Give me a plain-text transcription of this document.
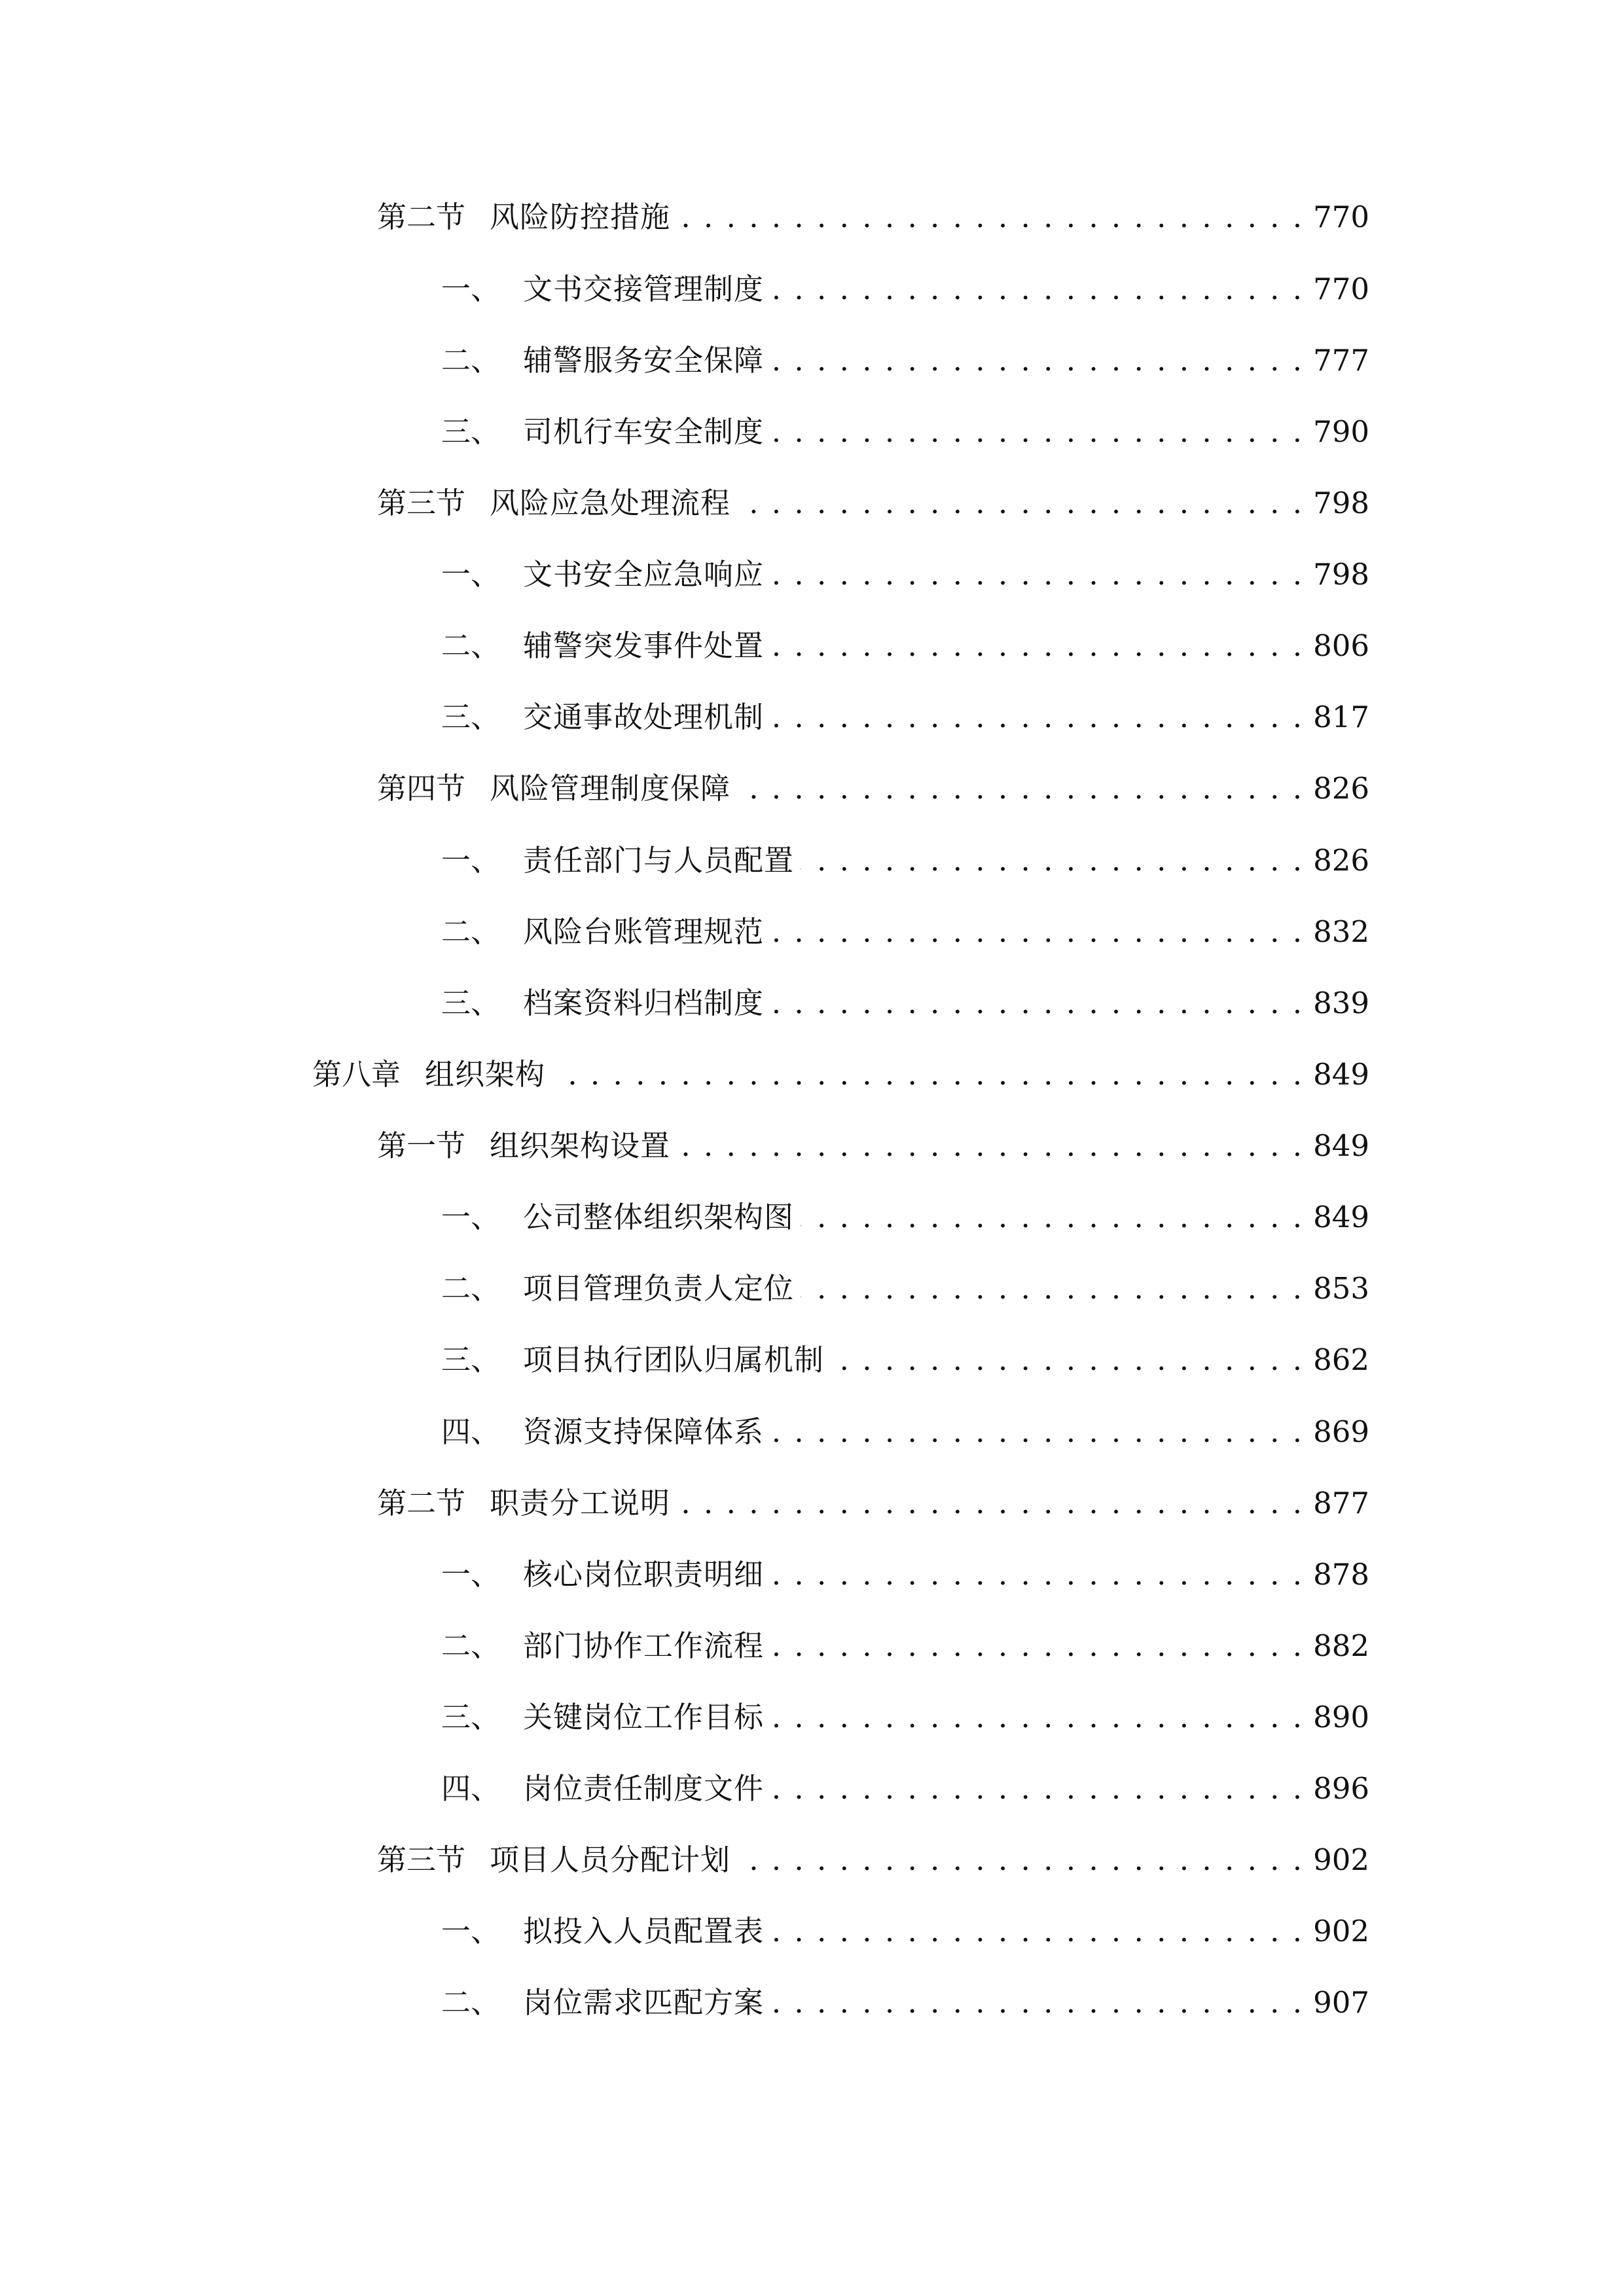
第二节 风险防控措施 . . .	770
一、 文书交接管理制度 . . .	770
二、 辅警服务安全保障 . . .	777
三、 司机行车安全制度 . . .	790
第三节 风险应急处理流程 . . .	798
一、 文书安全应急响应 . . .	798
二、 辅警突发事件处置 . . .	806
三、 交通事故处理机制 . . .	817
第四节 风险管理制度保障 . . .	826
一、 责任部门与人员配置 . . .	826
二、 风险台账管理规范 . . .	832
三、 档案资料归档制度 . . .	839
第八章 组织架构 . . .	849
第一节 组织架构设置 . . .	849
一、 公司整体组织架构图 . . .	849
二、 项目管理负责人定位 . . .	853
三、 项目执行团队归属机制 . . .	862
四、 资源支持保障体系 . . .	869
第二节 职责分工说明 . . .	877
一、 核心岗位职责明细 . . .	878
二、 部门协作工作流程 . . .	882
三、 关键岗位工作目标 . . .	890
四、 岗位责任制度文件 . . .	896
第三节 项目人员分配计划 . . .	902
一、 拟投入人员配置表 . . .	902
二、 岗位需求匹配方案 . . .	907
